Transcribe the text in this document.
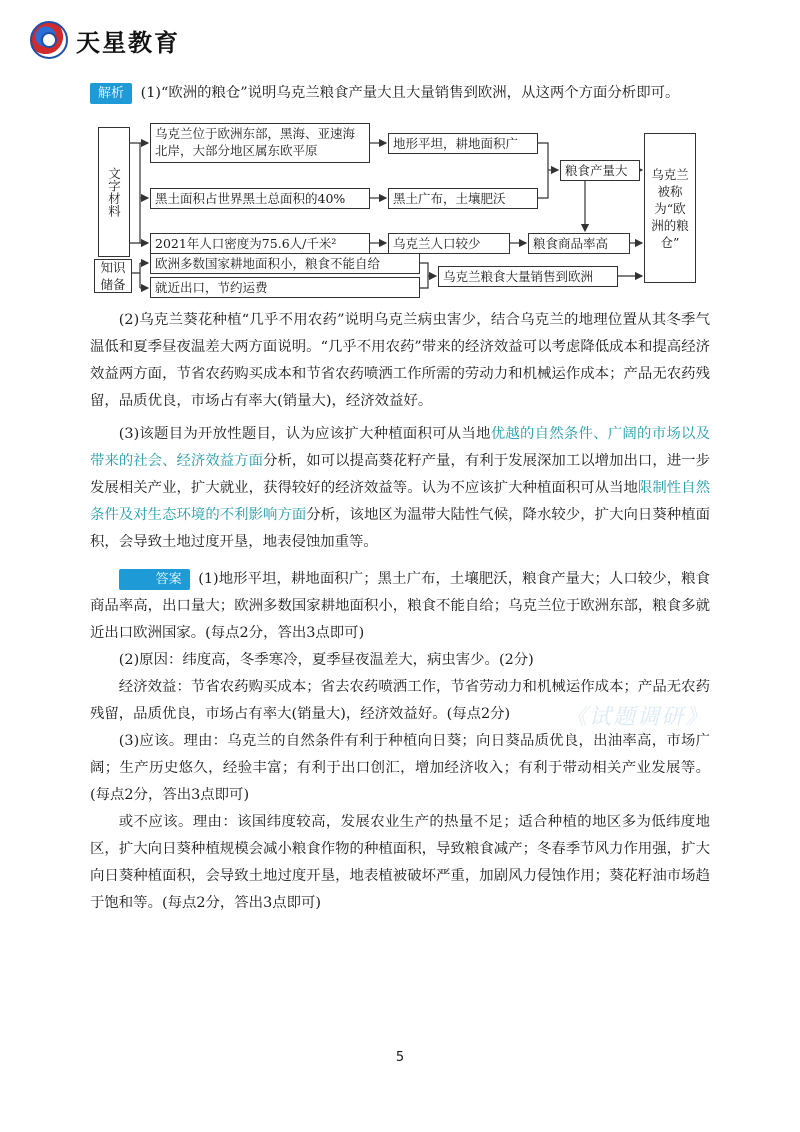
天星教育

解析 (1)“欧洲的粮仓”说明乌克兰粮食产量大且大量销售到欧洲，从这两个方面分析即可。

文字材料
知识储备
乌克兰位于欧洲东部，黑海、亚速海北岸，大部分地区属东欧平原
黑土面积占世界黑土总面积的40%
2021年人口密度为75.6人/千米²
欧洲多数国家耕地面积小，粮食不能自给
就近出口，节约运费
地形平坦，耕地面积广
黑土广布，土壤肥沃
乌克兰人口较少
粮食产量大
粮食商品率高
乌克兰粮食大量销售到欧洲
乌克兰被称为“欧洲的粮仓”

(2)乌克兰葵花种植“几乎不用农药”说明乌克兰病虫害少，结合乌克兰的地理位置从其冬季气温低和夏季昼夜温差大两方面说明。“几乎不用农药”带来的经济效益可以考虑降低成本和提高经济效益两方面，节省农药购买成本和节省农药喷洒工作所需的劳动力和机械运作成本；产品无农药残留，品质优良，市场占有率大(销量大)，经济效益好。

(3)该题目为开放性题目，认为应该扩大种植面积可从当地优越的自然条件、广阔的市场以及带来的社会、经济效益方面分析，如可以提高葵花籽产量，有利于发展深加工以增加出口，进一步发展相关产业，扩大就业，获得较好的经济效益等。认为不应该扩大种植面积可从当地限制性自然条件及对生态环境的不利影响方面分析，该地区为温带大陆性气候，降水较少，扩大向日葵种植面积，会导致土地过度开垦，地表侵蚀加重等。

答案 (1)地形平坦，耕地面积广；黑土广布，土壤肥沃，粮食产量大；人口较少，粮食商品率高，出口量大；欧洲多数国家耕地面积小，粮食不能自给；乌克兰位于欧洲东部，粮食多就近出口欧洲国家。(每点2分，答出3点即可)

(2)原因：纬度高，冬季寒冷，夏季昼夜温差大，病虫害少。(2分)

经济效益：节省农药购买成本；省去农药喷洒工作，节省劳动力和机械运作成本；产品无农药残留，品质优良，市场占有率大(销量大)，经济效益好。(每点2分)

(3)应该。理由：乌克兰的自然条件有利于种植向日葵；向日葵品质优良，出油率高，市场广阔；生产历史悠久，经验丰富；有利于出口创汇，增加经济收入；有利于带动相关产业发展等。(每点2分，答出3点即可)

或不应该。理由：该国纬度较高，发展农业生产的热量不足；适合种植的地区多为低纬度地区，扩大向日葵种植规模会减小粮食作物的种植面积，导致粮食减产；冬春季节风力作用强，扩大向日葵种植面积，会导致土地过度开垦，地表植被破坏严重，加剧风力侵蚀作用；葵花籽油市场趋于饱和等。(每点2分，答出3点即可)

《试题调研》
5
